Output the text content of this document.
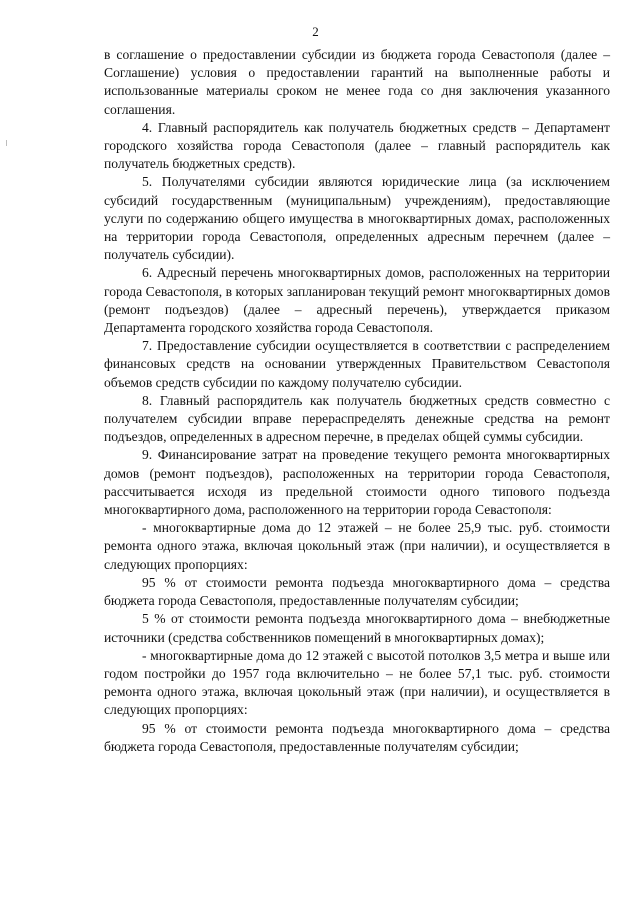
2

в соглашение о предоставлении субсидии из бюджета города Севастополя (далее – Соглашение) условия о предоставлении гарантий на выполненные работы и использованные материалы сроком не менее года со дня заключения указанного соглашения.

4. Главный распорядитель как получатель бюджетных средств – Департамент городского хозяйства города Севастополя (далее – главный распорядитель как получатель бюджетных средств).

5. Получателями субсидии являются юридические лица (за исключением субсидий государственным (муниципальным) учреждениям), предоставляющие услуги по содержанию общего имущества в многоквартирных домах, расположенных на территории города Севастополя, определенных адресным перечнем (далее – получатель субсидии).

6. Адресный перечень многоквартирных домов, расположенных на территории города Севастополя, в которых запланирован текущий ремонт многоквартирных домов (ремонт подъездов) (далее – адресный перечень), утверждается приказом Департамента городского хозяйства города Севастополя.

7. Предоставление субсидии осуществляется в соответствии с распределением финансовых средств на основании утвержденных Правительством Севастополя объемов средств субсидии по каждому получателю субсидии.

8. Главный распорядитель как получатель бюджетных средств совместно с получателем субсидии вправе перераспределять денежные средства на ремонт подъездов, определенных в адресном перечне, в пределах общей суммы субсидии.

9. Финансирование затрат на проведение текущего ремонта многоквартирных домов (ремонт подъездов), расположенных на территории города Севастополя, рассчитывается исходя из предельной стоимости одного типового подъезда многоквартирного дома, расположенного на территории города Севастополя:

- многоквартирные дома до 12 этажей – не более 25,9 тыс. руб. стоимости ремонта одного этажа, включая цокольный этаж (при наличии), и осуществляется в следующих пропорциях:

95 % от стоимости ремонта подъезда многоквартирного дома – средства бюджета города Севастополя, предоставленные получателям субсидии;

5 % от стоимости ремонта подъезда многоквартирного дома – внебюджетные источники (средства собственников помещений в многоквартирных домах);

- многоквартирные дома до 12 этажей с высотой потолков 3,5 метра и выше или годом постройки до 1957 года включительно – не более 57,1 тыс. руб. стоимости ремонта одного этажа, включая цокольный этаж (при наличии), и осуществляется в следующих пропорциях:

95 % от стоимости ремонта подъезда многоквартирного дома – средства бюджета города Севастополя, предоставленные получателям субсидии;
